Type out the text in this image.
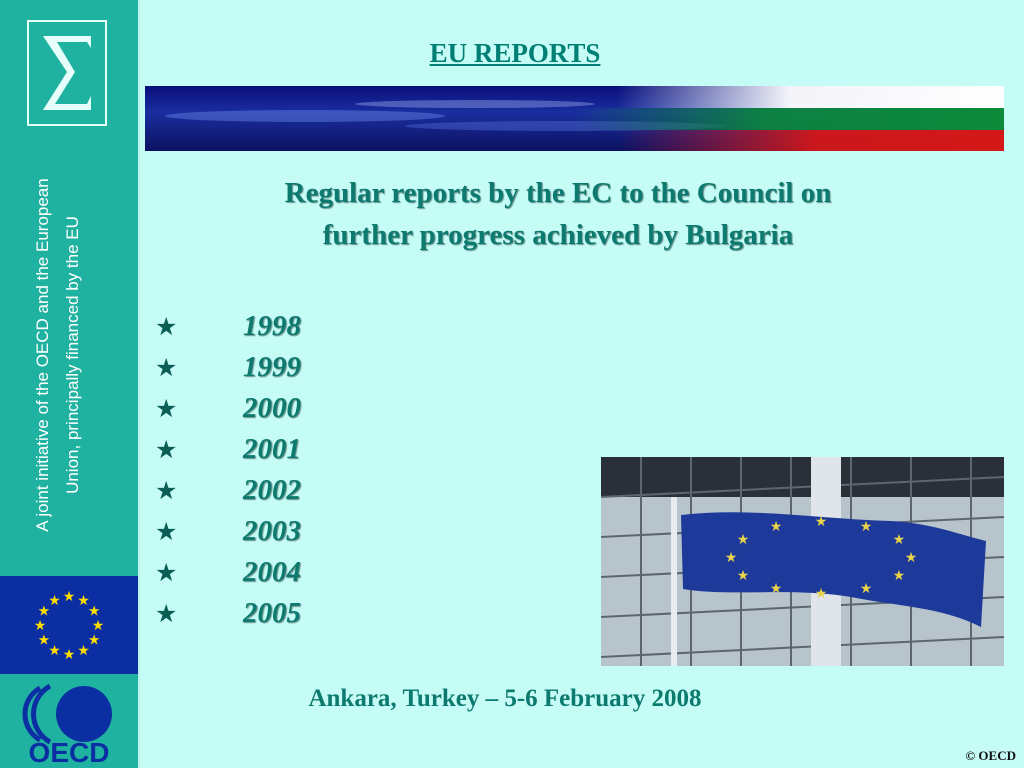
A joint initiative of the OECD and the European Union, principally financed by the EU
★ ★
★
★
★
★
★
★
★
★
★
★
OECD
EU REPORTS
Regular reports by the EC to the Council on
further progress achieved by Bulgaria
★ 1998
★ 1999
★ 2000
★ 2001
★ 2002
★ 2003
★ 2004
★ 2005
★ ★
★
★
★
★
★
★
★
★
★
★
Ankara, Turkey – 5-6 February 2008
© OECD
